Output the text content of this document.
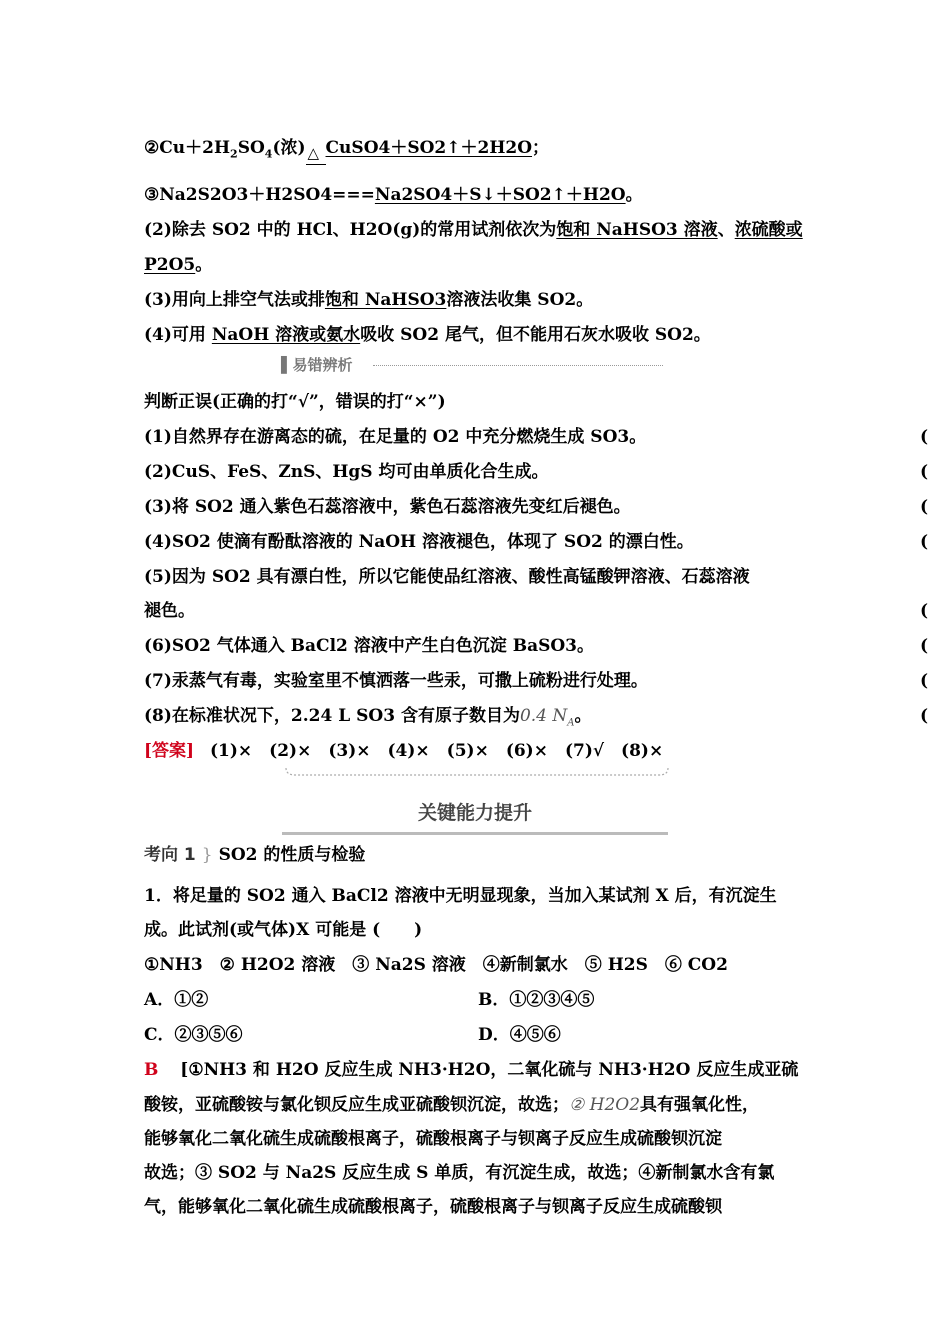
$②Cu+2H_2SO_4$(浓) △ CuSO4＋SO2↑＋2H2O；
③Na2S2O3＋H2SO4===Na2SO4＋S↓＋SO2↑＋H2O。
(2)除去 SO2 中的 HCl、H2O(g)的常用试剂依次为饱和 NaHSO3 溶液、浓硫酸或
P2O5。
(3)用向上排空气法或排饱和 NaHSO3溶液法收集 SO2。
(4)可用 NaOH 溶液或氨水吸收 SO2 尾气，但不能用石灰水吸收 SO2。
▌易错辨析
判断正误(正确的打“√”，错误的打“×”)
(1)自然界存在游离态的硫，在足量的 O2 中充分燃烧生成 SO3。	(
(2)CuS、FeS、ZnS、HgS 均可由单质化合生成。	(
(3)将 SO2 通入紫色石蕊溶液中，紫色石蕊溶液先变红后褪色。	(
(4)SO2 使滴有酚酞溶液的 NaOH 溶液褪色，体现了 SO2 的漂白性。	(
(5)因为 SO2 具有漂白性，所以它能使品红溶液、酸性高锰酸钾溶液、石蕊溶液
褪色。	(
(6)SO2 气体通入 BaCl2 溶液中产生白色沉淀 BaSO3。	(
(7)汞蒸气有毒，实验室里不慎洒落一些汞，可撒上硫粉进行处理。	(
(8)在标准状况下，2.24 L SO3 含有原子数目为0.4 $N_A$。	(
[答案] (1)×　(2)×　(3)×　(4)×　(5)×　(6)×　(7)√　(8)×
关键能力提升
考向 1 } SO2 的性质与检验
1．将足量的 SO2 通入 BaCl2 溶液中无明显现象，当加入某试剂 X 后，有沉淀生
成。此试剂(或气体)X 可能是 (　　)
①NH3　② H2O2 溶液　③ Na2S 溶液　④新制氯水　⑤ H2S　⑥ CO2
A．①②	B．①②③④⑤
C．②③⑤⑥	D．④⑤⑥
B [①NH3 和 H2O 反应生成 NH3·H2O，二氧化硫与 NH3·H2O 反应生成亚硫
酸铵，亚硫酸铵与氯化钡反应生成亚硫酸钡沉淀，故选；② H2O2具有强氧化性，
能够氧化二氧化硫生成硫酸根离子，硫酸根离子与钡离子反应生成硫酸钡沉淀
故选；③ SO2 与 Na2S 反应生成 S 单质，有沉淀生成，故选；④新制氯水含有氯
气，能够氧化二氧化硫生成硫酸根离子，硫酸根离子与钡离子反应生成硫酸钡
